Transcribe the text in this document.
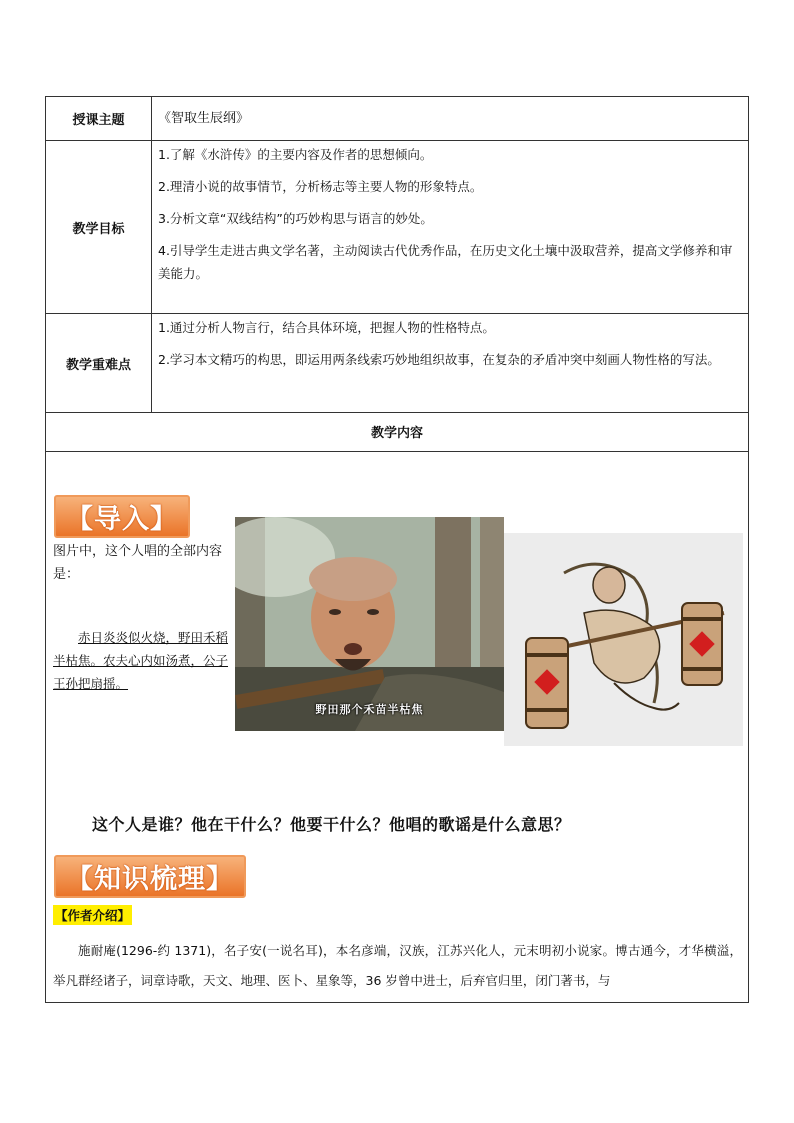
授课主题	《智取生辰纲》
教学目标

1.了解《水浒传》的主要内容及作者的思想倾向。

2.理清小说的故事情节，分析杨志等主要人物的形象特点。

3.分析文章“双线结构”的巧妙构思与语言的妙处。

4.引导学生走进古典文学名著，主动阅读古代优秀作品，在历史文化土壤中汲取营养，提高文学修养和审美能力。

教学重难点

1.通过分析人物言行，结合具体环境，把握人物的性格特点。

2.学习本文精巧的构思，即运用两条线索巧妙地组织故事，在复杂的矛盾冲突中刻画人物性格的写法。

教学内容
【导入】
图片中，这个人唱的全部内容是：
赤日炎炎似火烧，野田禾稻半枯焦。农夫心内如汤煮，公子王孙把扇摇。
野田那个禾苗半枯焦
这个人是谁？他在干什么？他要干什么？他唱的歌谣是什么意思？
【知识梳理】
【作者介绍】
施耐庵(1296-约 1371)，名子安(一说名耳)，本名彦端，汉族，江苏兴化人，元末明初小说家。博古通今，才华横溢，举凡群经诸子，词章诗歌，天文、地理、医卜、星象等，36 岁曾中进士，后弃官归里，闭门著书，与
